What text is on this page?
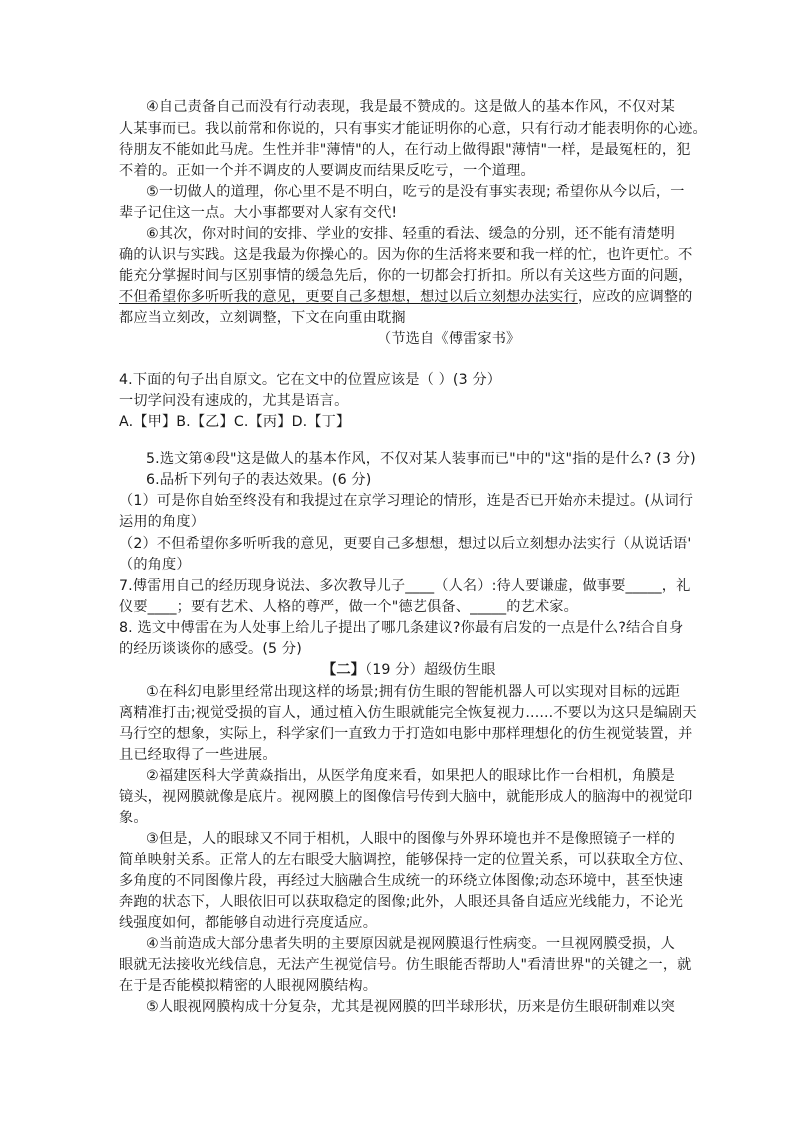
④自己责备自己而没有行动表现，我是最不赞成的。这是做人的基本作风，不仅对某
人某事而已。我以前常和你说的，只有事实才能证明你的心意，只有行动才能表明你的心迹。
待朋友不能如此马虎。生性并非"薄情"的人，在行动上做得跟"薄情"一样，是最冤枉的，犯
不着的。正如一个并不调皮的人要调皮而结果反吃亏，一个道理。
⑤一切做人的道理，你心里不是不明白，吃亏的是没有事实表现; 希望你从今以后，一
辈子记住这一点。大小事都要对人家有交代!
⑥其次，你对时间的安排、学业的安排、轻重的看法、缓急的分别，还不能有清楚明
确的认识与实践。这是我最为你操心的。因为你的生活将来要和我一样的忙，也许更忙。不
能充分掌握时间与区别事情的缓急先后，你的一切都会打折扣。所以有关这些方面的问题，
不但希望你多听听我的意见，更要自己多想想，想过以后立刻想办法实行，应改的应调整的
都应当立刻改，立刻调整，下文在向重由耽搁
（节选自《傅雷家书》
4.下面的句子出自原文。它在文中的位置应该是（ ）(3 分）
一切学问没有速成的，尤其是语言。
A.【甲】B.【乙】C.【丙】D.【丁】
5.选文第④段"这是做人的基本作风，不仅对某人装事而已"中的"这"指的是什么? (3 分)
6.品析下列句子的表达效果。(6 分)
（1）可是你自始至终没有和我提过在京学习理论的情形，连是否已开始亦未提过。(从词行
运用的角度）
（2）不但希望你多听听我的意见，更要自己多想想，想过以后立刻想办法实行（从说话语'
（的角度）
7.傅雷用自己的经历现身说法、多次教导儿子____（人名）:待人要谦虚，做事要_____，礼
仪要____；要有艺术、人格的尊严，做一个"德艺俱备、_____的艺术家。
8. 选文中傅雷在为人处事上给儿子提出了哪几条建议?你最有启发的一点是什么?结合自身
的经历谈谈你的感受。(5 分)
【二】（19 分）超级仿生眼
①在科幻电影里经常出现这样的场景;拥有仿生眼的智能机器人可以实现对目标的远距
离精准打击;视觉受损的盲人，通过植入仿生眼就能完全恢复视力......不要以为这只是编剧天
马行空的想象，实际上，科学家们一直致力于打造如电影中那样理想化的仿生视觉装置，并
且已经取得了一些进展。
②福建医科大学黄焱指出，从医学角度来看，如果把人的眼球比作一台相机，角膜是
镜头，视网膜就像是底片。视网膜上的图像信号传到大脑中，就能形成人的脑海中的视觉印
象。
③但是，人的眼球又不同于相机，人眼中的图像与外界环境也并不是像照镜子一样的
简单映射关系。正常人的左右眼受大脑调控，能够保持一定的位置关系，可以获取全方位、
多角度的不同图像片段，再经过大脑融合生成统一的环绕立体图像;动态环境中，甚至快速
奔跑的状态下，人眼依旧可以获取稳定的图像;此外，人眼还具备自适应光线能力，不论光
线强度如何，都能够自动进行亮度适应。
④当前造成大部分患者失明的主要原因就是视网膜退行性病变。一旦视网膜受损，人
眼就无法接收光线信息，无法产生视觉信号。仿生眼能否帮助人"看清世界"的关键之一，就
在于是否能模拟精密的人眼视网膜结构。
⑤人眼视网膜构成十分复杂，尤其是视网膜的凹半球形状，历来是仿生眼研制难以突
